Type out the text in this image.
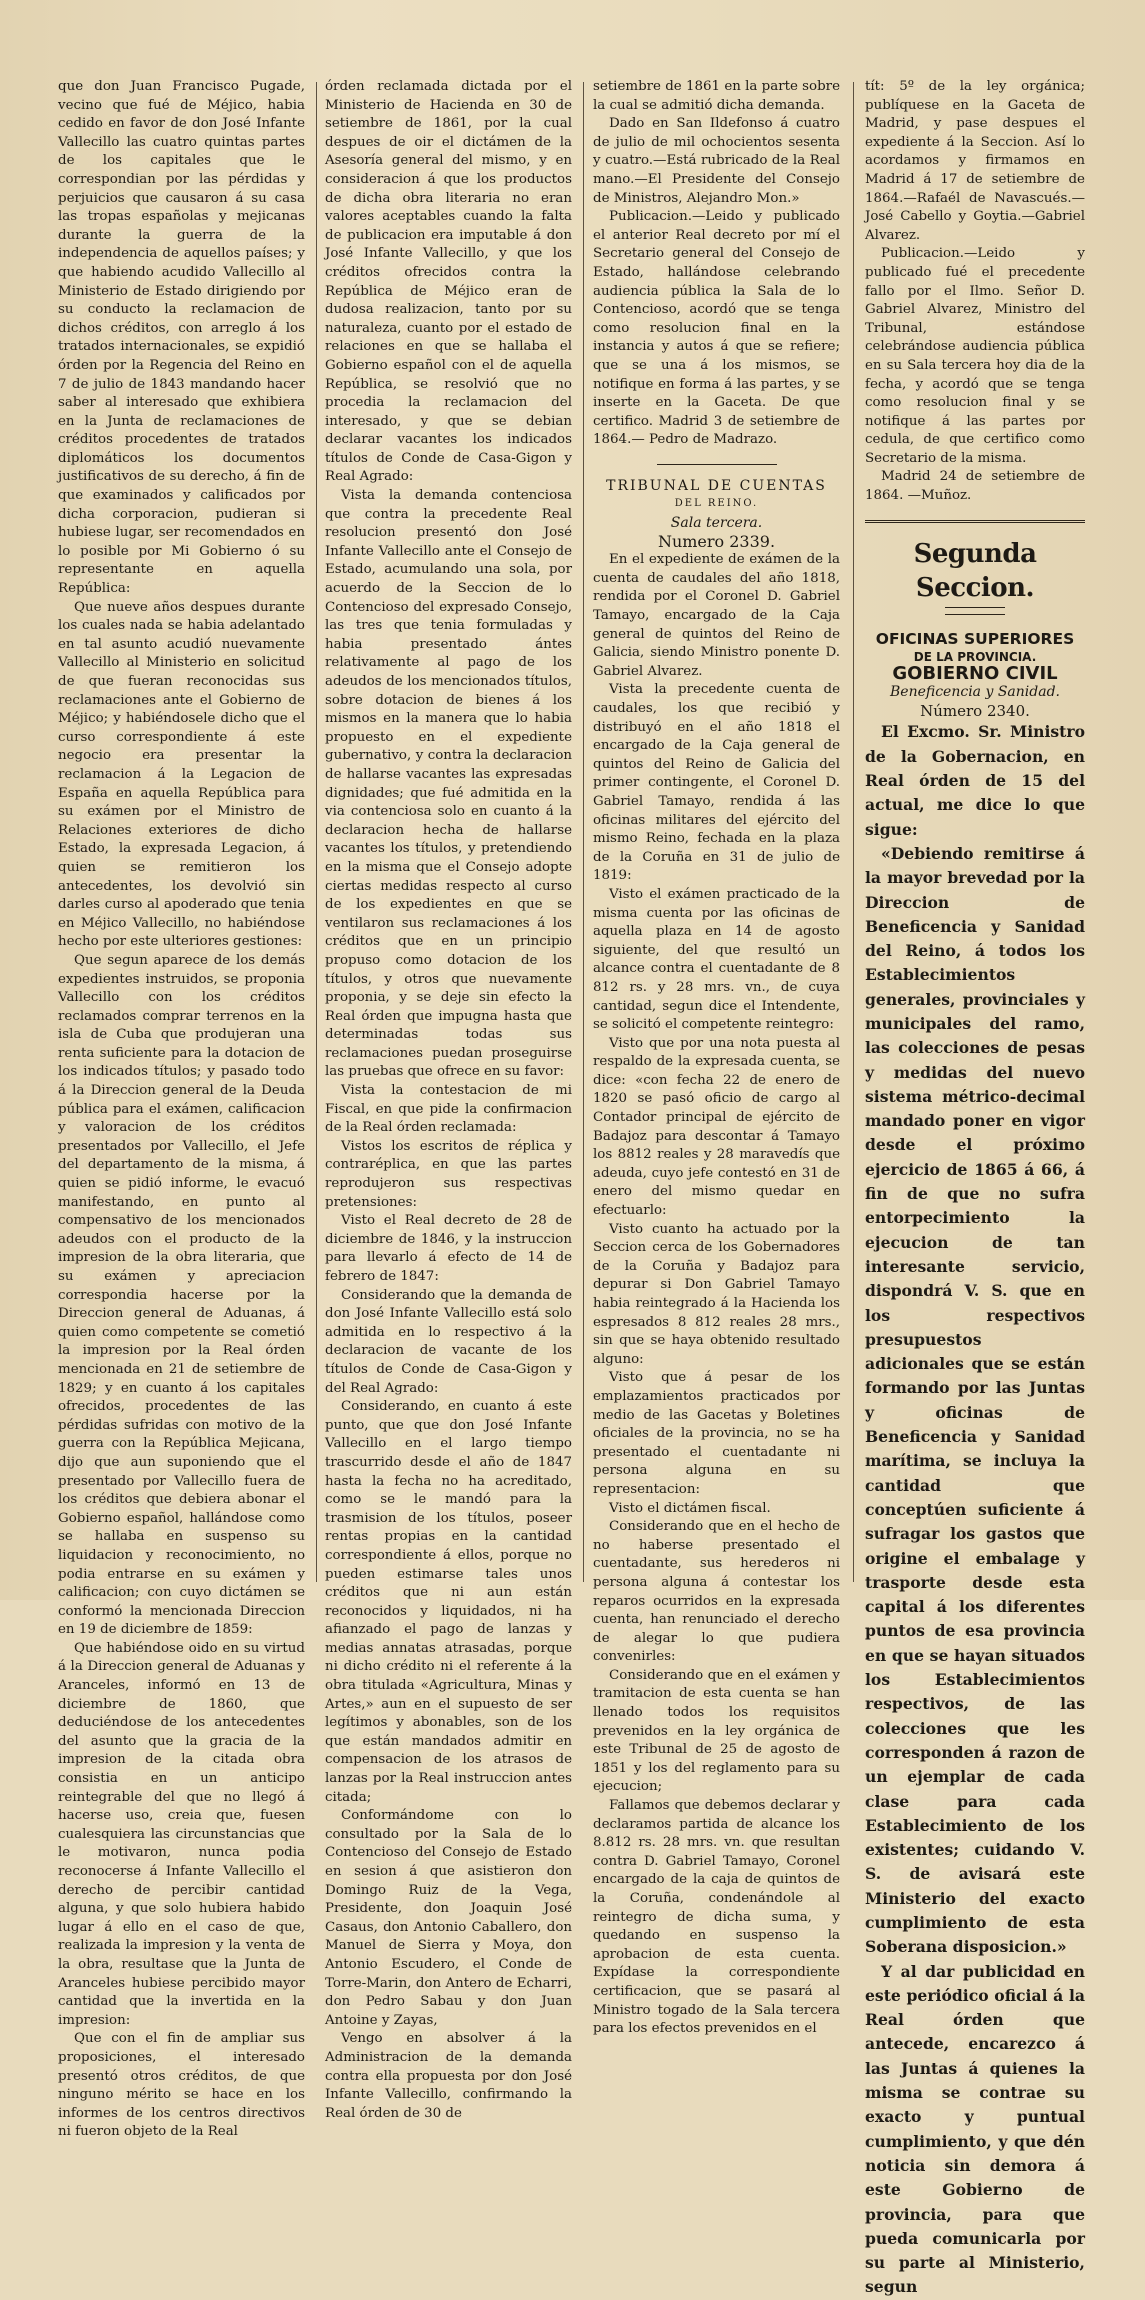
que don Juan Francisco Pugade, vecino que fué de Méjico, habia cedido en favor de don José Infante Vallecillo las cuatro quintas partes de los capitales que le correspondian por las pérdidas y perjuicios que causaron á su casa las tropas españolas y mejicanas durante la guerra de la independencia de aquellos países; y que habiendo acudido Vallecillo al Ministerio de Estado dirigiendo por su conducto la reclamacion de dichos créditos, con arreglo á los tratados internacionales, se expidió órden por la Regencia del Reino en 7 de julio de 1843 mandando hacer saber al interesado que exhibiera en la Junta de reclamaciones de créditos procedentes de tratados diplomáticos los documentos justificativos de su derecho, á fin de que examinados y calificados por dicha corporacion, pudieran si hubiese lugar, ser recomendados en lo posible por Mi Gobierno ó su representante en aquella República:

Que nueve años despues durante los cuales nada se habia adelantado en tal asunto acudió nuevamente Vallecillo al Ministerio en solicitud de que fueran reconocidas sus reclamaciones ante el Gobierno de Méjico; y habiéndosele dicho que el curso correspondiente á este negocio era presentar la reclamacion á la Legacion de España en aquella República para su exámen por el Ministro de Relaciones exteriores de dicho Estado, la expresada Legacion, á quien se remitieron los antecedentes, los devolvió sin darles curso al apoderado que tenia en Méjico Vallecillo, no habiéndose hecho por este ulteriores gestiones:

Que segun aparece de los demás expedientes instruidos, se proponia Vallecillo con los créditos reclamados comprar terrenos en la isla de Cuba que produjeran una renta suficiente para la dotacion de los indicados títulos; y pasado todo á la Direccion general de la Deuda pública para el exámen, calificacion y valoracion de los créditos presentados por Vallecillo, el Jefe del departamento de la misma, á quien se pidió informe, le evacuó manifestando, en punto al compensativo de los mencionados adeudos con el producto de la impresion de la obra literaria, que su exámen y apreciacion correspondia hacerse por la Direccion general de Aduanas, á quien como competente se cometió la impresion por la Real órden mencionada en 21 de setiembre de 1829; y en cuanto á los capitales ofrecidos, procedentes de las pérdidas sufridas con motivo de la guerra con la República Mejicana, dijo que aun suponiendo que el presentado por Vallecillo fuera de los créditos que debiera abonar el Gobierno español, hallándose como se hallaba en suspenso su liquidacion y reconocimiento, no podia entrarse en su exámen y calificacion; con cuyo dictámen se conformó la mencionada Direccion en 19 de diciembre de 1859:

Que habiéndose oido en su virtud á la Direccion general de Aduanas y Aranceles, informó en 13 de diciembre de 1860, que deduciéndose de los antecedentes del asunto que la gracia de la impresion de la citada obra consistia en un anticipo reintegrable del que no llegó á hacerse uso, creia que, fuesen cualesquiera las circunstancias que le motivaron, nunca podia reconocerse á Infante Vallecillo el derecho de percibir cantidad alguna, y que solo hubiera habido lugar á ello en el caso de que, realizada la impresion y la venta de la obra, resultase que la Junta de Aranceles hubiese percibido mayor cantidad que la invertida en la impresion:

Que con el fin de ampliar sus proposiciones, el interesado presentó otros créditos, de que ninguno mérito se hace en los informes de los centros directivos ni fueron objeto de la Real

órden reclamada dictada por el Ministerio de Hacienda en 30 de setiembre de 1861, por la cual despues de oir el dictámen de la Asesoría general del mismo, y en consideracion á que los productos de dicha obra literaria no eran valores aceptables cuando la falta de publicacion era imputable á don José Infante Vallecillo, y que los créditos ofrecidos contra la República de Méjico eran de dudosa realizacion, tanto por su naturaleza, cuanto por el estado de relaciones en que se hallaba el Gobierno español con el de aquella República, se resolvió que no procedia la reclamacion del interesado, y que se debian declarar vacantes los indicados títulos de Conde de Casa-Gigon y Real Agrado:

Vista la demanda contenciosa que contra la precedente Real resolucion presentó don José Infante Vallecillo ante el Consejo de Estado, acumulando una sola, por acuerdo de la Seccion de lo Contencioso del expresado Consejo, las tres que tenia formuladas y habia presentado ántes relativamente al pago de los adeudos de los mencionados títulos, sobre dotacion de bienes á los mismos en la manera que lo habia propuesto en el expediente gubernativo, y contra la declaracion de hallarse vacantes las expresadas dignidades; que fué admitida en la via contenciosa solo en cuanto á la declaracion hecha de hallarse vacantes los títulos, y pretendiendo en la misma que el Consejo adopte ciertas medidas respecto al curso de los expedientes en que se ventilaron sus reclamaciones á los créditos que en un principio propuso como dotacion de los títulos, y otros que nuevamente proponia, y se deje sin efecto la Real órden que impugna hasta que determinadas todas sus reclamaciones puedan proseguirse las pruebas que ofrece en su favor:

Vista la contestacion de mi Fiscal, en que pide la confirmacion de la Real órden reclamada:

Vistos los escritos de réplica y contraréplica, en que las partes reprodujeron sus respectivas pretensiones:

Visto el Real decreto de 28 de diciembre de 1846, y la instruccion para llevarlo á efecto de 14 de febrero de 1847:

Considerando que la demanda de don José Infante Vallecillo está solo admitida en lo respectivo á la declaracion de vacante de los títulos de Conde de Casa-Gigon y del Real Agrado:

Considerando, en cuanto á este punto, que que don José Infante Vallecillo en el largo tiempo trascurrido desde el año de 1847 hasta la fecha no ha acreditado, como se le mandó para la trasmision de los títulos, poseer rentas propias en la cantidad correspondiente á ellos, porque no pueden estimarse tales unos créditos que ni aun están reconocidos y liquidados, ni ha afianzado el pago de lanzas y medias annatas atrasadas, porque ni dicho crédito ni el referente á la obra titulada «Agricultura, Minas y Artes,» aun en el supuesto de ser legítimos y abonables, son de los que están mandados admitir en compensacion de los atrasos de lanzas por la Real instruccion antes citada;

Conformándome con lo consultado por la Sala de lo Contencioso del Consejo de Estado en sesion á que asistieron don Domingo Ruiz de la Vega, Presidente, don Joaquin José Casaus, don Antonio Caballero, don Manuel de Sierra y Moya, don Antonio Escudero, el Conde de Torre-Marin, don Antero de Echarri, don Pedro Sabau y don Juan Antoine y Zayas,

Vengo en absolver á la Administracion de la demanda contra ella propuesta por don José Infante Vallecillo, confirmando la Real órden de 30 de

setiembre de 1861 en la parte sobre la cual se admitió dicha demanda.

Dado en San Ildefonso á cuatro de julio de mil ochocientos sesenta y cuatro.—Está rubricado de la Real mano.—El Presidente del Consejo de Ministros, Alejandro Mon.»

Publicacion.—Leido y publicado el anterior Real decreto por mí el Secretario general del Consejo de Estado, hallándose celebrando audiencia pública la Sala de lo Contencioso, acordó que se tenga como resolucion final en la instancia y autos á que se refiere; que se una á los mismos, se notifique en forma á las partes, y se inserte en la Gaceta. De que certifico. Madrid 3 de setiembre de 1864.— Pedro de Madrazo.

TRIBUNAL DE CUENTAS

DEL REINO.

Sala tercera.

Numero 2339.

En el expediente de exámen de la cuenta de caudales del año 1818, rendida por el Coronel D. Gabriel Tamayo, encargado de la Caja general de quintos del Reino de Galicia, siendo Ministro ponente D. Gabriel Alvarez.

Vista la precedente cuenta de caudales, los que recibió y distribuyó en el año 1818 el encargado de la Caja general de quintos del Reino de Galicia del primer contingente, el Coronel D. Gabriel Tamayo, rendida á las oficinas militares del ejército del mismo Reino, fechada en la plaza de la Coruña en 31 de julio de 1819:

Visto el exámen practicado de la misma cuenta por las oficinas de aquella plaza en 14 de agosto siguiente, del que resultó un alcance contra el cuentadante de 8 812 rs. y 28 mrs. vn., de cuya cantidad, segun dice el Intendente, se solicitó el competente reintegro:

Visto que por una nota puesta al respaldo de la expresada cuenta, se dice: «con fecha 22 de enero de 1820 se pasó oficio de cargo al Contador principal de ejército de Badajoz para descontar á Tamayo los 8812 reales y 28 maravedís que adeuda, cuyo jefe contestó en 31 de enero del mismo quedar en efectuarlo:

Visto cuanto ha actuado por la Seccion cerca de los Gobernadores de la Coruña y Badajoz para depurar si Don Gabriel Tamayo habia reintegrado á la Hacienda los espresados 8 812 reales 28 mrs., sin que se haya obtenido resultado alguno:

Visto que á pesar de los emplazamientos practicados por medio de las Gacetas y Boletines oficiales de la provincia, no se ha presentado el cuentadante ni persona alguna en su representacion:

Visto el dictámen fiscal.

Considerando que en el hecho de no haberse presentado el cuentadante, sus herederos ni persona alguna á contestar los reparos ocurridos en la expresada cuenta, han renunciado el derecho de alegar lo que pudiera convenirles:

Considerando que en el exámen y tramitacion de esta cuenta se han llenado todos los requisitos prevenidos en la ley orgánica de este Tribunal de 25 de agosto de 1851 y los del reglamento para su ejecucion;

Fallamos que debemos declarar y declaramos partida de alcance los 8.812 rs. 28 mrs. vn. que resultan contra D. Gabriel Tamayo, Coronel encargado de la caja de quintos de la Coruña, condenándole al reintegro de dicha suma, y quedando en suspenso la aprobacion de esta cuenta. Expídase la correspondiente certificacion, que se pasará al Ministro togado de la Sala tercera para los efectos prevenidos en el

tít: 5º de la ley orgánica; publíquese en la Gaceta de Madrid, y pase despues el expediente á la Seccion. Así lo acordamos y firmamos en Madrid á 17 de setiembre de 1864.—Rafaél de Navascués.—José Cabello y Goytia.—Gabriel Alvarez.

Publicacion.—Leido y publicado fué el precedente fallo por el Ilmo. Señor D. Gabriel Alvarez, Ministro del Tribunal, estándose celebrándose audiencia pública en su Sala tercera hoy dia de la fecha, y acordó que se tenga como resolucion final y se notifique á las partes por cedula, de que certifico como Secretario de la misma.

Madrid 24 de setiembre de 1864. —Muñoz.

Segunda Seccion.

OFICINAS SUPERIORES

DE LA PROVINCIA.

GOBIERNO CIVIL

Beneficencia y Sanidad.

Número 2340.

El Excmo. Sr. Ministro de la Gobernacion, en Real órden de 15 del actual, me dice lo que sigue:

«Debiendo remitirse á la mayor brevedad por la Direccion de Beneficencia y Sanidad del Reino, á todos los Establecimientos generales, provinciales y municipales del ramo, las colecciones de pesas y medidas del nuevo sistema métrico-decimal mandado poner en vigor desde el próximo ejercicio de 1865 á 66, á fin de que no sufra entorpecimiento la ejecucion de tan interesante servicio, dispondrá V. S. que en los respectivos presupuestos adicionales que se están formando por las Juntas y oficinas de Beneficencia y Sanidad marítima, se incluya la cantidad que conceptúen suficiente á sufragar los gastos que origine el embalage y trasporte desde esta capital á los diferentes puntos de esa provincia en que se hayan situados los Establecimientos respectivos, de las colecciones que les corresponden á razon de un ejemplar de cada clase para cada Establecimiento de los existentes; cuidando V. S. de avisará este Ministerio del exacto cumplimiento de esta Soberana disposicion.»

Y al dar publicidad en este periódico oficial á la Real órden que antecede, encarezco á las Juntas á quienes la misma se contrae su exacto y puntual cumplimiento, y que dén noticia sin demora á este Gobierno de provincia, para que pueda comunicarla por su parte al Ministerio, segun
